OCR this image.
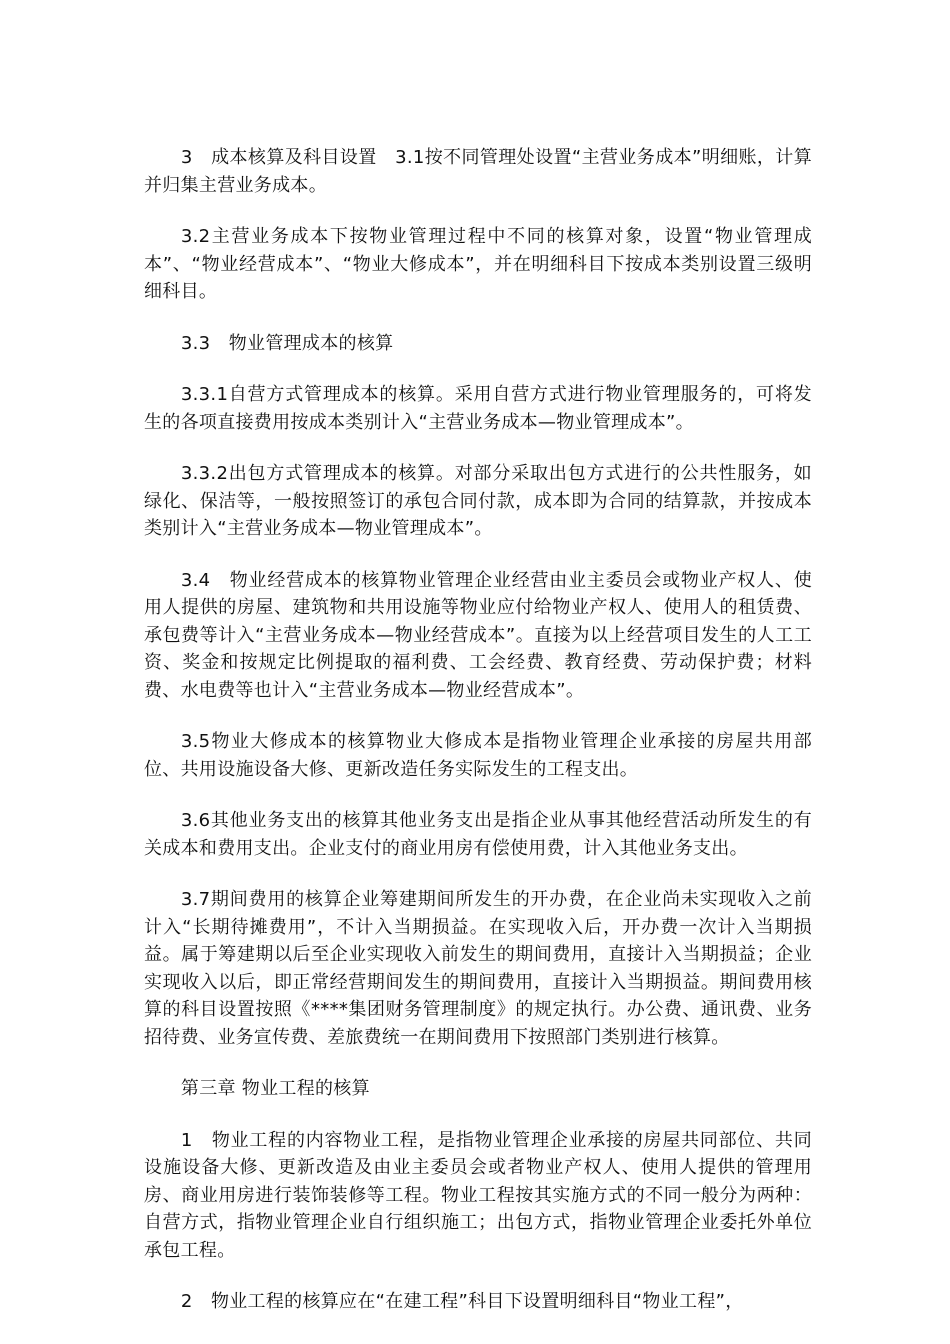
3　成本核算及科目设置　3.1按不同管理处设置“主营业务成本”明细账，计算并归集主营业务成本。

3.2主营业务成本下按物业管理过程中不同的核算对象，设置“物业管理成本”、“物业经营成本”、“物业大修成本”，并在明细科目下按成本类别设置三级明细科目。

3.3　物业管理成本的核算

3.3.1自营方式管理成本的核算。采用自营方式进行物业管理服务的，可将发生的各项直接费用按成本类别计入“主营业务成本—物业管理成本”。

3.3.2出包方式管理成本的核算。对部分采取出包方式进行的公共性服务，如绿化、保洁等，一般按照签订的承包合同付款，成本即为合同的结算款，并按成本类别计入“主营业务成本—物业管理成本”。

3.4　物业经营成本的核算物业管理企业经营由业主委员会或物业产权人、使用人提供的房屋、建筑物和共用设施等物业应付给物业产权人、使用人的租赁费、承包费等计入“主营业务成本—物业经营成本”。直接为以上经营项目发生的人工工资、奖金和按规定比例提取的福利费、工会经费、教育经费、劳动保护费；材料费、水电费等也计入“主营业务成本—物业经营成本”。

3.5物业大修成本的核算物业大修成本是指物业管理企业承接的房屋共用部位、共用设施设备大修、更新改造任务实际发生的工程支出。

3.6其他业务支出的核算其他业务支出是指企业从事其他经营活动所发生的有关成本和费用支出。企业支付的商业用房有偿使用费，计入其他业务支出。

3.7期间费用的核算企业筹建期间所发生的开办费，在企业尚未实现收入之前计入“长期待摊费用”，不计入当期损益。在实现收入后，开办费一次计入当期损益。属于筹建期以后至企业实现收入前发生的期间费用，直接计入当期损益；企业实现收入以后，即正常经营期间发生的期间费用，直接计入当期损益。期间费用核算的科目设置按照《****集团财务管理制度》的规定执行。办公费、通讯费、业务招待费、业务宣传费、差旅费统一在期间费用下按照部门类别进行核算。

第三章 物业工程的核算

1　物业工程的内容物业工程，是指物业管理企业承接的房屋共同部位、共同设施设备大修、更新改造及由业主委员会或者物业产权人、使用人提供的管理用房、商业用房进行装饰装修等工程。物业工程按其实施方式的不同一般分为两种：自营方式，指物业管理企业自行组织施工；出包方式，指物业管理企业委托外单位承包工程。

2　物业工程的核算应在“在建工程”科目下设置明细科目“物业工程”，
